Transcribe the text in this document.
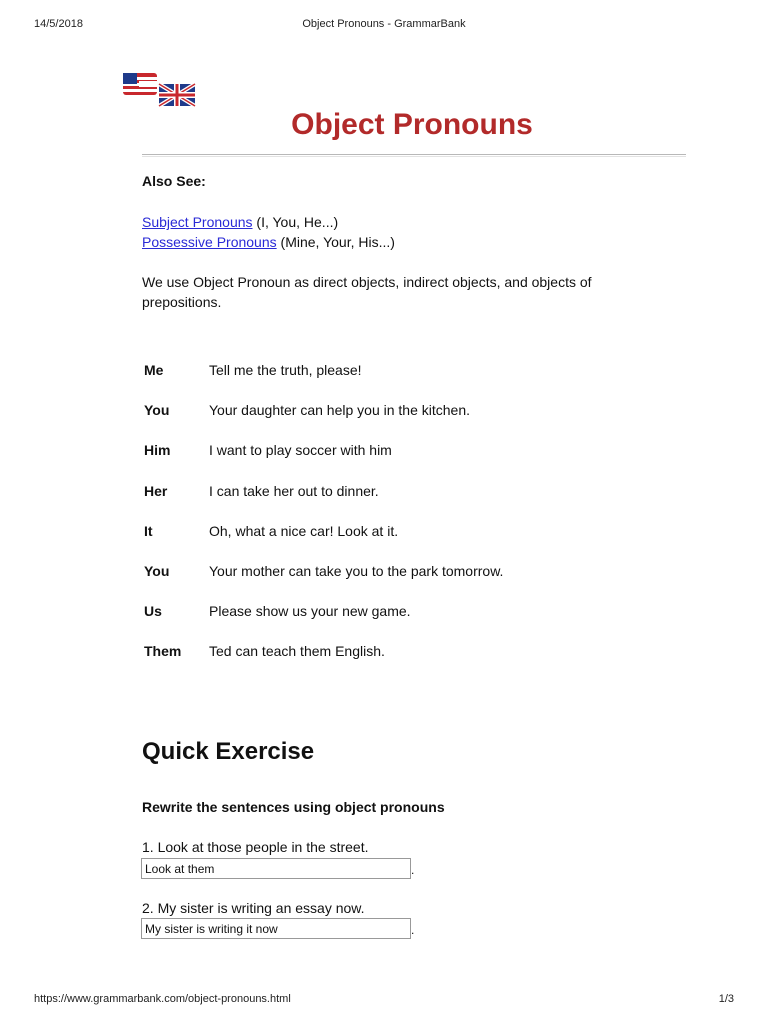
14/5/2018	Object Pronouns - GrammarBank
Object Pronouns
Also See:
Subject Pronouns (I, You, He...)
Possessive Pronouns (Mine, Your, His...)

We use Object Pronoun as direct objects, indirect objects, and objects of prepositions.

Me	Tell me the truth, please!
You	Your daughter can help you in the kitchen.
Him	I want to play soccer with him
Her	I can take her out to dinner.
It	Oh, what a nice car! Look at it.
You	Your mother can take you to the park tomorrow.
Us	Please show us your new game.
Them Ted can teach them English.
Quick Exercise
Rewrite the sentences using object pronouns
1. Look at those people in the street.
Look at them	.
2. My sister is writing an essay now.
My sister is writing it now	.
https://www.grammarbank.com/object-pronouns.html	1/3
